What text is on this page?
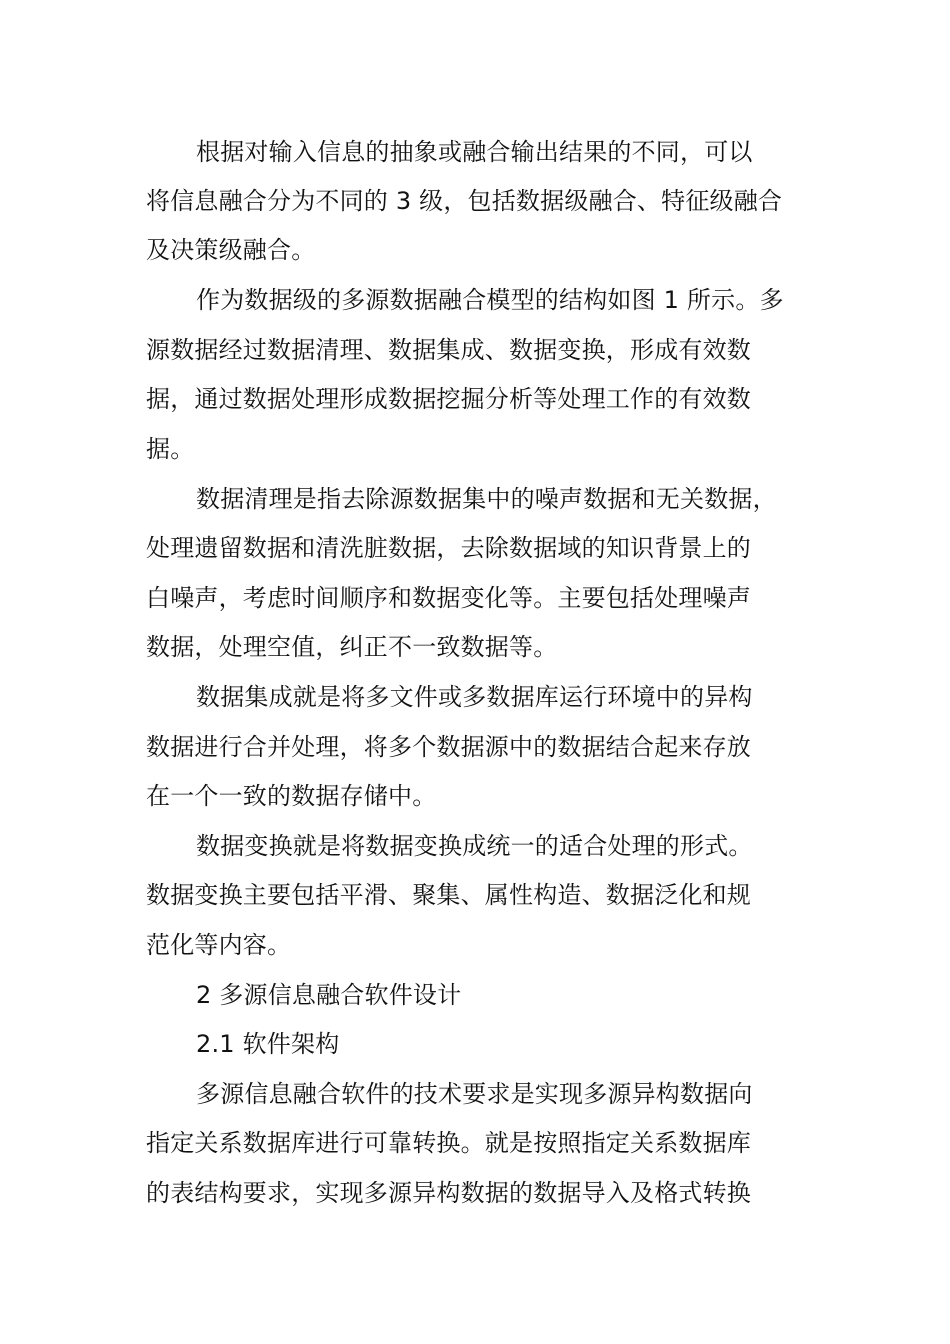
根据对输入信息的抽象或融合输出结果的不同，可以
将信息融合分为不同的 3 级，包括数据级融合、特征级融合
及决策级融合。
作为数据级的多源数据融合模型的结构如图 1 所示。多
源数据经过数据清理、数据集成、数据变换，形成有效数
据，通过数据处理形成数据挖掘分析等处理工作的有效数
据。
数据清理是指去除源数据集中的噪声数据和无关数据，
处理遗留数据和清洗脏数据，去除数据域的知识背景上的
白噪声，考虑时间顺序和数据变化等。主要包括处理噪声
数据，处理空值，纠正不一致数据等。
数据集成就是将多文件或多数据库运行环境中的异构
数据进行合并处理，将多个数据源中的数据结合起来存放
在一个一致的数据存储中。
数据变换就是将数据变换成统一的适合处理的形式。
数据变换主要包括平滑、聚集、属性构造、数据泛化和规
范化等内容。
2 多源信息融合软件设计
2.1 软件架构
多源信息融合软件的技术要求是实现多源异构数据向
指定关系数据库进行可靠转换。就是按照指定关系数据库
的表结构要求，实现多源异构数据的数据导入及格式转换
